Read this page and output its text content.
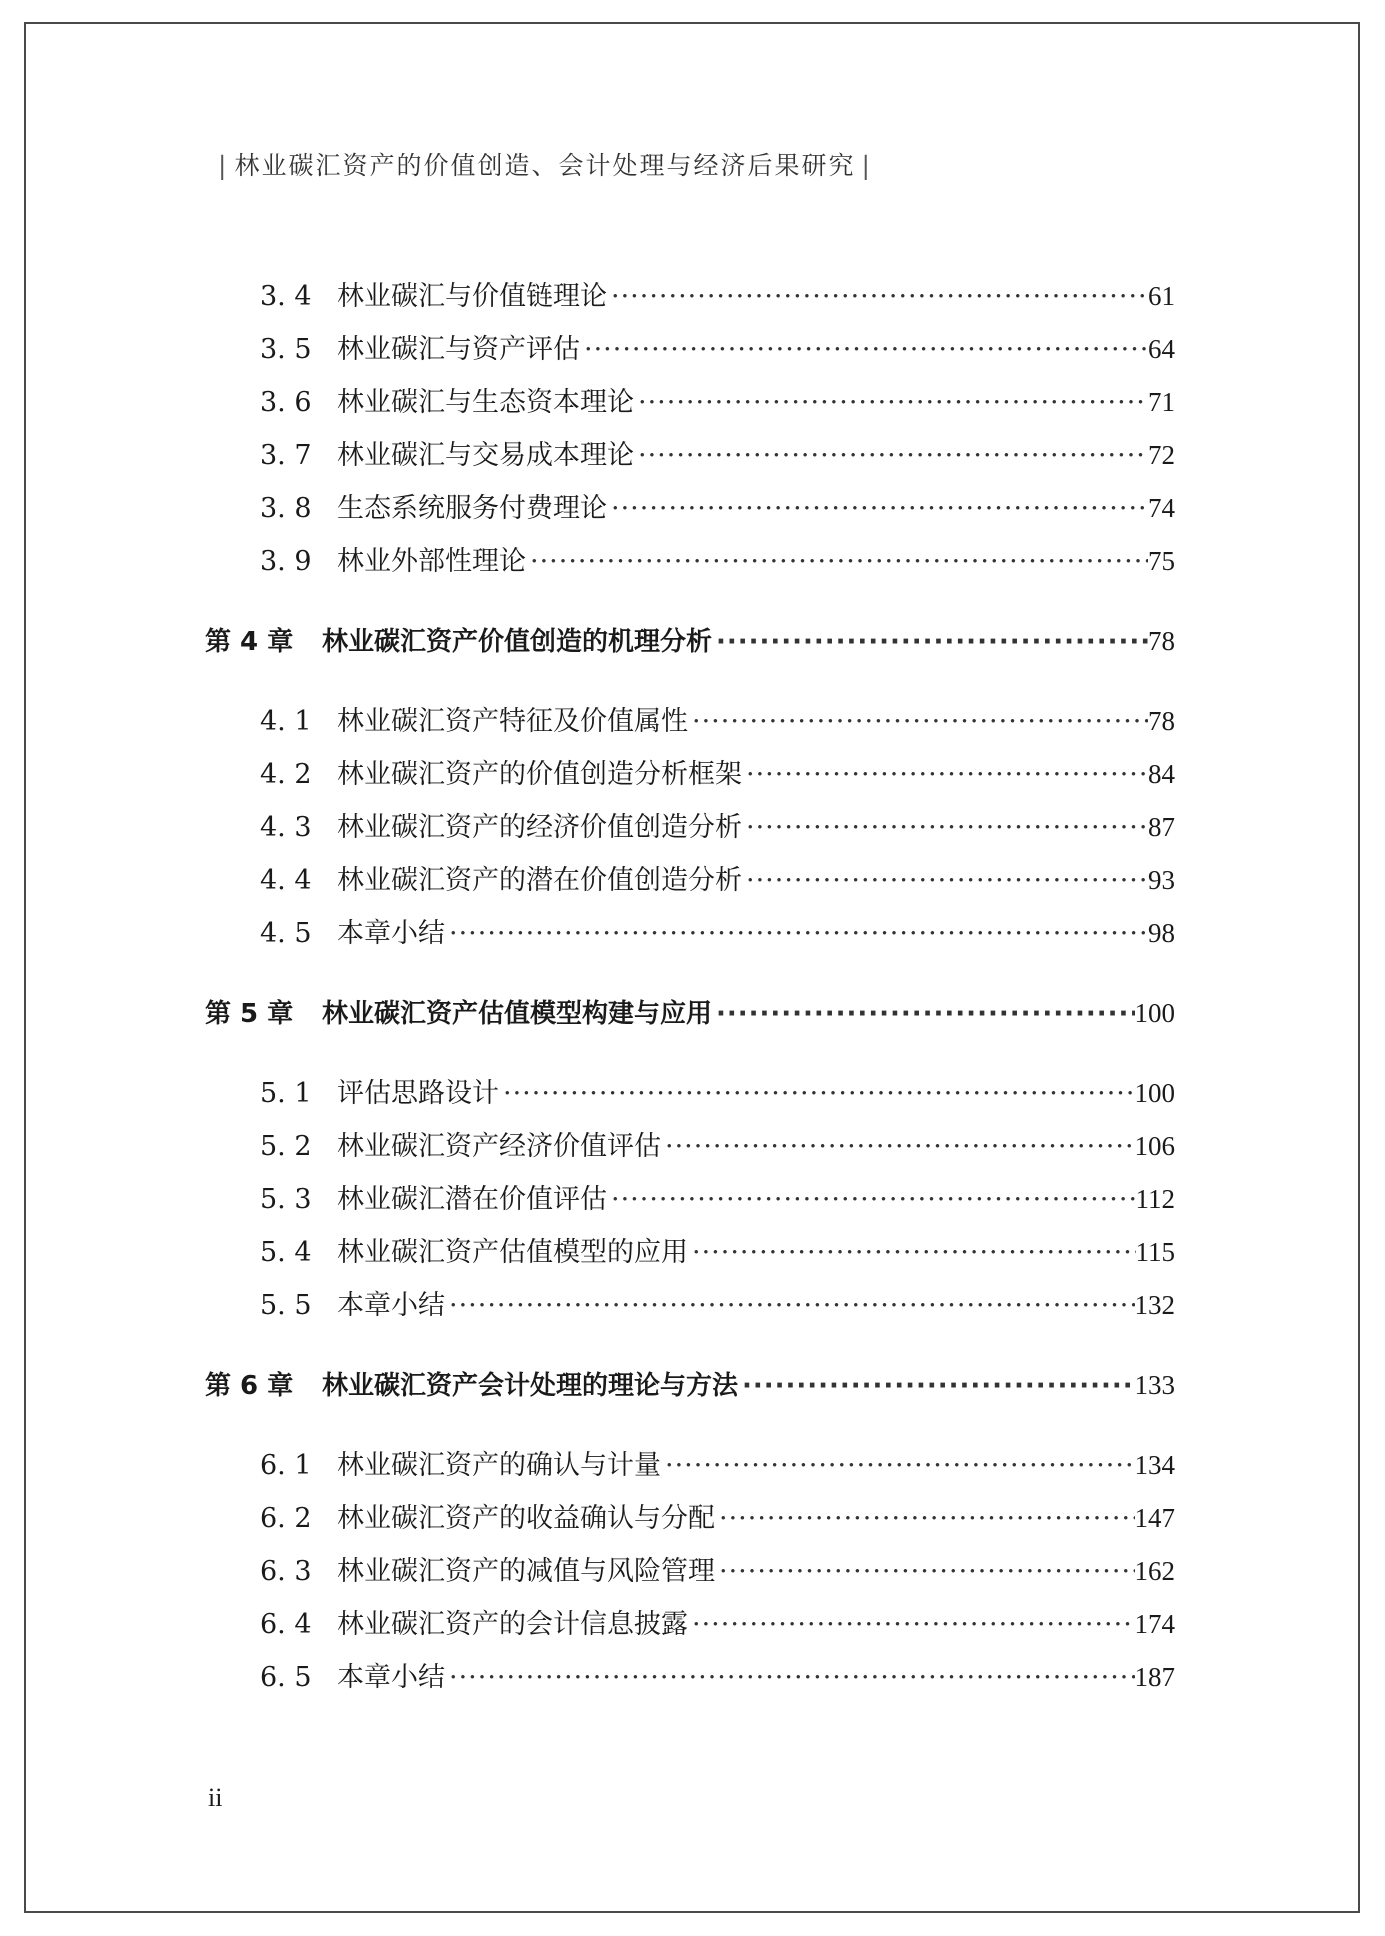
| 林业碳汇资产的价值创造、会计处理与经济后果研究 |
3. 4 林业碳汇与价值链理论 ·····	61
3. 5 林业碳汇与资产评估 ·····	64
3. 6 林业碳汇与生态资本理论 ·····	71
3. 7 林业碳汇与交易成本理论 ·····	72
3. 8 生态系统服务付费理论 ·····	74
3. 9 林业外部性理论 ·····	75
第 4 章	林业碳汇资产价值创造的机理分析 ·····	78
4. 1 林业碳汇资产特征及价值属性 ·····	78
4. 2 林业碳汇资产的价值创造分析框架 ·····	84
4. 3 林业碳汇资产的经济价值创造分析 ·····	87
4. 4 林业碳汇资产的潜在价值创造分析 ·····	93
4. 5 本章小结 ·····	98
第 5 章	林业碳汇资产估值模型构建与应用 ·····	100
5. 1 评估思路设计 ·····	100
5. 2 林业碳汇资产经济价值评估 ·····	106
5. 3 林业碳汇潜在价值评估 ·····	112
5. 4 林业碳汇资产估值模型的应用 ·····	115
5. 5 本章小结 ·····	132
第 6 章	林业碳汇资产会计处理的理论与方法 ·····	133
6. 1 林业碳汇资产的确认与计量 ·····	134
6. 2 林业碳汇资产的收益确认与分配 ·····	147
6. 3 林业碳汇资产的减值与风险管理 ·····	162
6. 4 林业碳汇资产的会计信息披露 ·····	174
6. 5 本章小结 ·····	187
ii
